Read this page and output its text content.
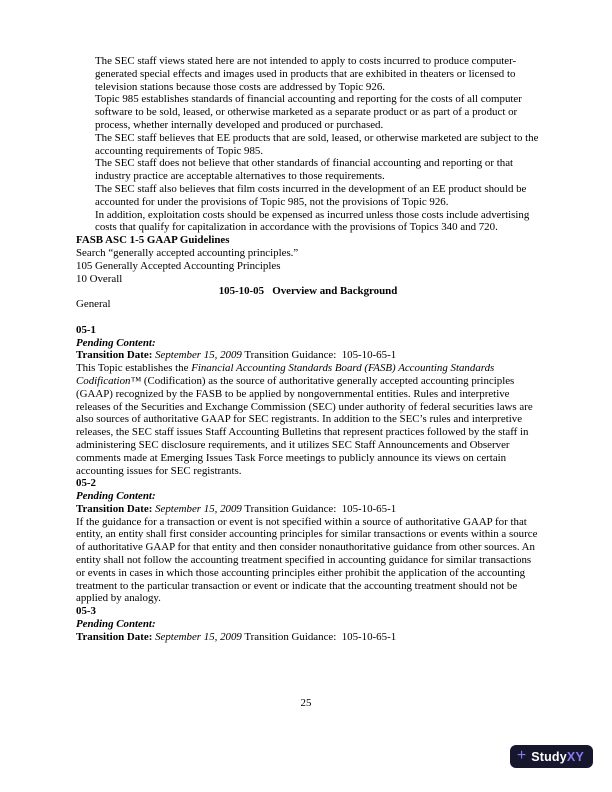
The SEC staff views stated here are not intended to apply to costs incurred to produce computer-generated special effects and images used in products that are exhibited in theaters or licensed to television stations because those costs are addressed by Topic 926.

Topic 985 establishes standards of financial accounting and reporting for the costs of all computer software to be sold, leased, or otherwise marketed as a separate product or as part of a product or process, whether internally developed and produced or purchased.

The SEC staff believes that EE products that are sold, leased, or otherwise marketed are subject to the accounting requirements of Topic 985.

The SEC staff does not believe that other standards of financial accounting and reporting or that industry practice are acceptable alternatives to those requirements.

The SEC staff also believes that film costs incurred in the development of an EE product should be accounted for under the provisions of Topic 985, not the provisions of Topic 926.

In addition, exploitation costs should be expensed as incurred unless those costs include advertising costs that qualify for capitalization in accordance with the provisions of Topics 340 and 720.

FASB ASC 1-5 GAAP Guidelines

Search “generally accepted accounting principles.”

105 Generally Accepted Accounting Principles

10 Overall

105-10-05   Overview and Background

General

05-1

Pending Content:

Transition Date: September 15, 2009 Transition Guidance:  105-10-65-1

This Topic establishes the Financial Accounting Standards Board (FASB) Accounting Standards Codification™ (Codification) as the source of authoritative generally accepted accounting principles (GAAP) recognized by the FASB to be applied by nongovernmental entities. Rules and interpretive releases of the Securities and Exchange Commission (SEC) under authority of federal securities laws are also sources of authoritative GAAP for SEC registrants. In addition to the SEC’s rules and interpretive releases, the SEC staff issues Staff Accounting Bulletins that represent practices followed by the staff in administering SEC disclosure requirements, and it utilizes SEC Staff Announcements and Observer comments made at Emerging Issues Task Force meetings to publicly announce its views on certain accounting issues for SEC registrants.

05-2

Pending Content:

Transition Date: September 15, 2009 Transition Guidance:  105-10-65-1

If the guidance for a transaction or event is not specified within a source of authoritative GAAP for that entity, an entity shall first consider accounting principles for similar transactions or events within a source of authoritative GAAP for that entity and then consider nonauthoritative guidance from other sources. An entity shall not follow the accounting treatment specified in accounting guidance for similar transactions or events in cases in which those accounting principles either prohibit the application of the accounting treatment to the particular transaction or event or indicate that the accounting treatment should not be applied by analogy.

05-3

Pending Content:

Transition Date: September 15, 2009 Transition Guidance:  105-10-65-1

25
+ StudyXY
